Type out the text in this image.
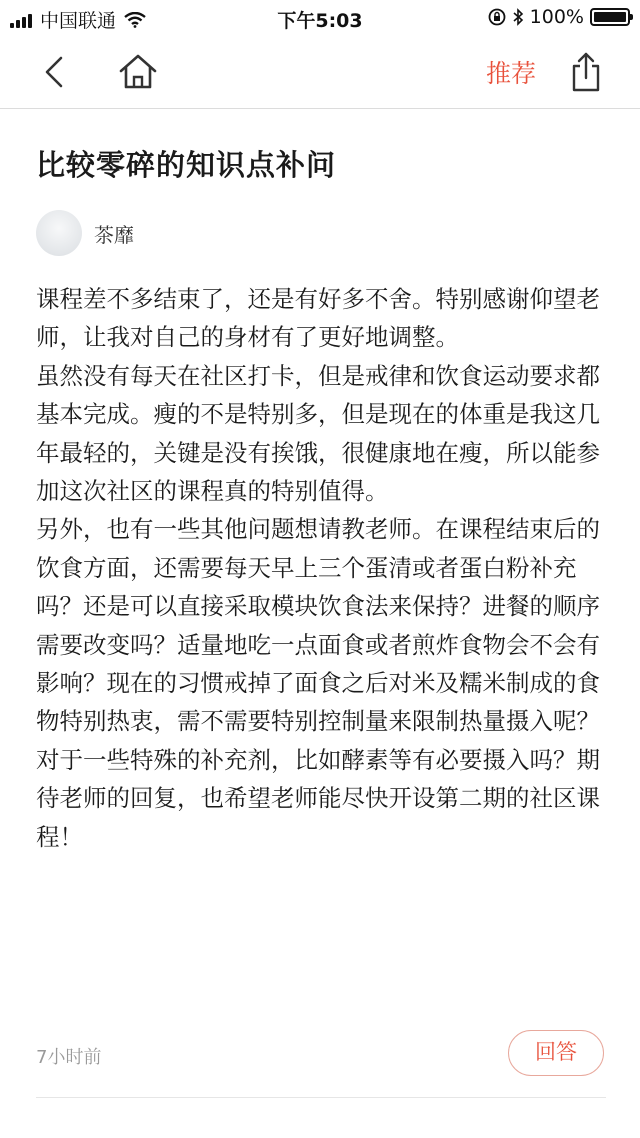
中国联通	下午5:03	100%
推荐
比较零碎的知识点补问
茶靡

课程差不多结束了，还是有好多不舍。特别感谢仰望老师，让我对自己的身材有了更好地调整。

虽然没有每天在社区打卡，但是戒律和饮食运动要求都基本完成。瘦的不是特别多，但是现在的体重是我这几年最轻的，关键是没有挨饿，很健康地在瘦，所以能参加这次社区的课程真的特别值得。

另外，也有一些其他问题想请教老师。在课程结束后的饮食方面，还需要每天早上三个蛋清或者蛋白粉补充吗？还是可以直接采取模块饮食法来保持？进餐的顺序需要改变吗？适量地吃一点面食或者煎炸食物会不会有影响？现在的习惯戒掉了面食之后对米及糯米制成的食物特别热衷，需不需要特别控制量来限制热量摄入呢？对于一些特殊的补充剂，比如酵素等有必要摄入吗？期待老师的回复，也希望老师能尽快开设第二期的社区课程！

7小时前	回答
